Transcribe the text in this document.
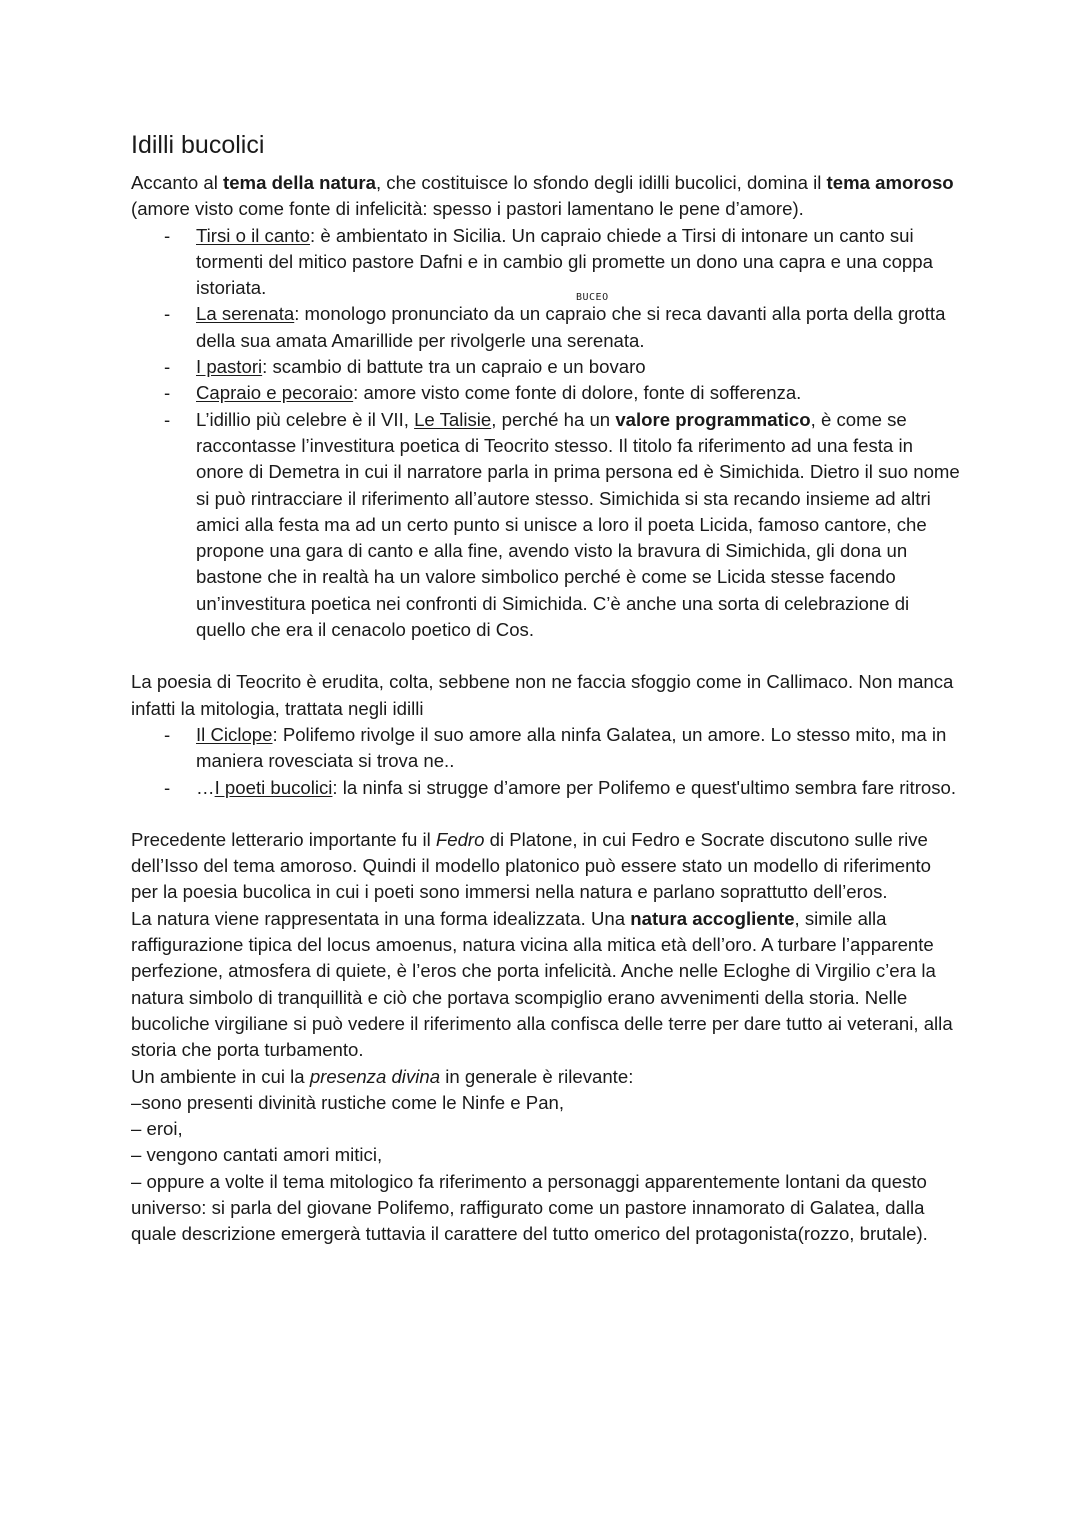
BUCEO
Idilli bucolici

Accanto al tema della natura, che costituisce lo sfondo degli idilli bucolici, domina il tema amoroso (amore visto come fonte di infelicità: spesso i pastori lamentano le pene d’amore).

- Tirsi o il canto: è ambientato in Sicilia. Un capraio chiede a Tirsi di intonare un canto sui tormenti del mitico pastore Dafni e in cambio gli promette un dono una capra e una coppa istoriata.
- La serenata: monologo pronunciato da un capraio che si reca davanti alla porta della grotta della sua amata Amarillide per rivolgerle una serenata.
- I pastori: scambio di battute tra un capraio e un bovaro
- Capraio e pecoraio: amore visto come fonte di dolore, fonte di sofferenza.
- L’idillio più celebre è il VII, Le Talisie, perché ha un valore programmatico, è come se raccontasse l’investitura poetica di Teocrito stesso. Il titolo fa riferimento ad una festa in onore di Demetra in cui il narratore parla in prima persona ed è Simichida. Dietro il suo nome si può rintracciare il riferimento all’autore stesso. Simichida si sta recando insieme ad altri amici alla festa ma ad un certo punto si unisce a loro il poeta Licida, famoso cantore, che propone una gara di canto e alla fine, avendo visto la bravura di Simichida, gli dona un bastone che in realtà ha un valore simbolico perché è come se Licida stesse facendo un’investitura poetica nei confronti di Simichida. C’è anche una sorta di celebrazione di quello che era il cenacolo poetico di Cos.

La poesia di Teocrito è erudita, colta, sebbene non ne faccia sfoggio come in Callimaco. Non manca infatti la mitologia, trattata negli idilli

- Il Ciclope: Polifemo rivolge il suo amore alla ninfa Galatea, un amore. Lo stesso mito, ma in maniera rovesciata si trova ne..
- …I poeti bucolici: la ninfa si strugge d’amore per Polifemo e quest'ultimo sembra fare ritroso.

Precedente letterario importante fu il Fedro di Platone, in cui Fedro e Socrate discutono sulle rive dell’Isso del tema amoroso. Quindi il modello platonico può essere stato un modello di riferimento per la poesia bucolica in cui i poeti sono immersi nella natura e parlano soprattutto dell’eros.

La natura viene rappresentata in una forma idealizzata. Una natura accogliente, simile alla raffigurazione tipica del locus amoenus, natura vicina alla mitica età dell’oro. A turbare l’apparente perfezione, atmosfera di quiete, è l’eros che porta infelicità. Anche nelle Ecloghe di Virgilio c’era la natura simbolo di tranquillità e ciò che portava scompiglio erano avvenimenti della storia. Nelle bucoliche virgiliane si può vedere il riferimento alla confisca delle terre per dare tutto ai veterani, alla storia che porta turbamento.

Un ambiente in cui la presenza divina in generale è rilevante:

–sono presenti divinità rustiche come le Ninfe e Pan,

– eroi,

– vengono cantati amori mitici,

– oppure a volte il tema mitologico fa riferimento a personaggi apparentemente lontani da questo universo: si parla del giovane Polifemo, raffigurato come un pastore innamorato di Galatea, dalla quale descrizione emergerà tuttavia il carattere del tutto omerico del protagonista(rozzo, brutale).
